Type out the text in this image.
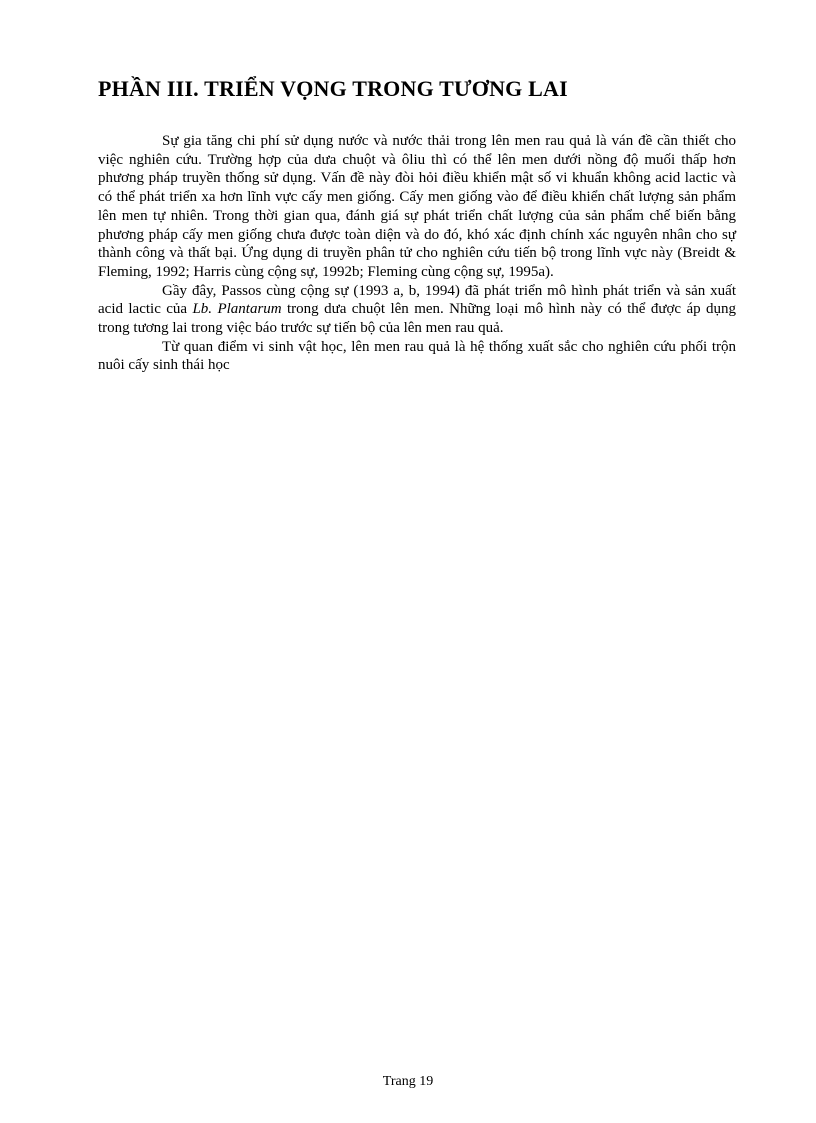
PHẦN III. TRIỂN VỌNG TRONG TƯƠNG LAI

Sự gia tăng chi phí sử dụng nước và nước thải trong lên men rau quả là ván đề cần thiết cho việc nghiên cứu. Trường hợp của dưa chuột và ôliu thì có thể lên men dưới nồng độ muối thấp hơn phương pháp truyền thống sử dụng. Vấn đề này đòi hỏi điều khiển mật số vi khuẩn không acid lactic và có thể phát triển xa hơn lĩnh vực cấy men giống. Cấy men giống vào để điều khiển chất lượng sản phẩm lên men tự nhiên. Trong thời gian qua, đánh giá sự phát triển chất lượng của sản phẩm chế biến bằng phương pháp cấy men giống chưa được toàn diện và do đó, khó xác định chính xác nguyên nhân cho sự thành công và thất bại. Ứng dụng di truyền phân tử cho nghiên cứu tiến bộ trong lĩnh vực này (Breidt & Fleming, 1992; Harris cùng cộng sự, 1992b; Fleming cùng cộng sự, 1995a).

Gầy đây, Passos cùng cộng sự (1993 a, b, 1994) đã phát triển mô hình phát triển và sản xuất acid lactic của Lb. Plantarum trong dưa chuột lên men. Những loại mô hình này có thể được áp dụng trong tương lai trong việc báo trước sự tiến bộ của lên men rau quả.

Từ quan điểm vi sinh vật học, lên men rau quả là hệ thống xuất sắc cho nghiên cứu phối trộn nuôi cấy sinh thái học

Trang 19
